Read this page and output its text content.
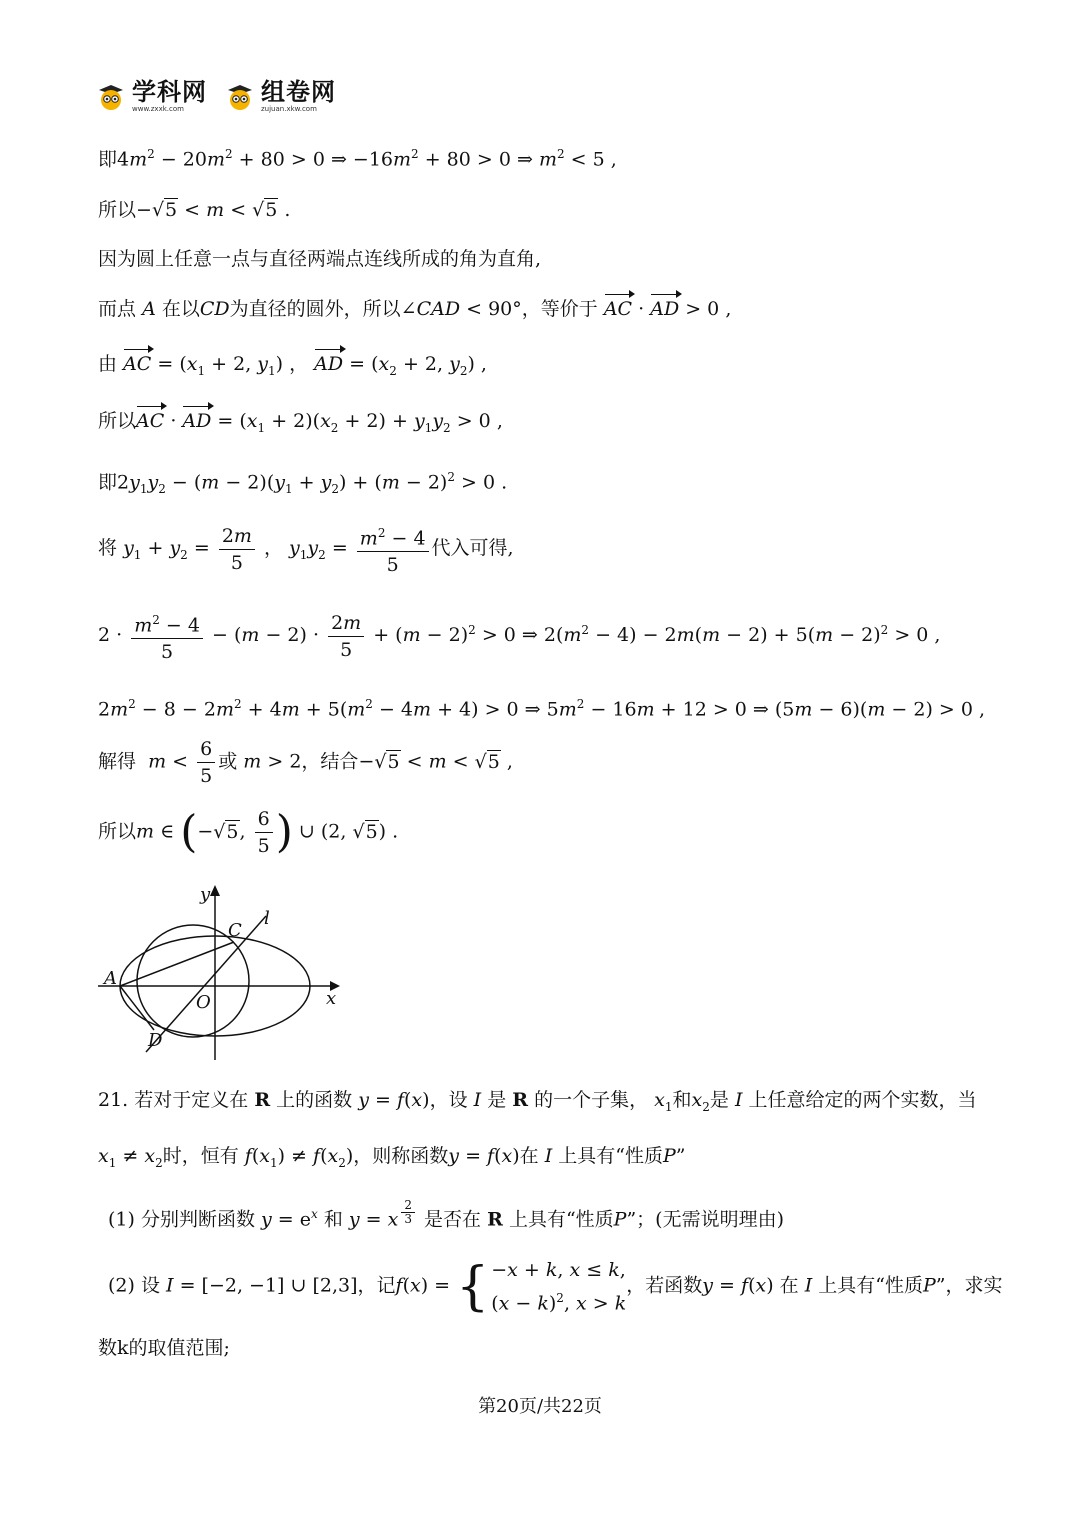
学科网
www.zxxk.com
组卷网
zujuan.xkw.com
即$4m^2 - 20m^2 + 80 > 0$ ⇒ $-16m^2 + 80 > 0$ ⇒ $m^2 < 5$ ,
所以−√5 < m < √5 .
因为圆上任意一点与直径两端点连线所成的角为直角,
而点 A 在以CD为直径的圆外，所以∠CAD < 90°，等价于 AC · AD > 0 ,
由 AC = ($x_1 + 2$, $y_1$) ， AD = ($x_2 + 2$, $y_2$) ,
所以AC · AD = $(x_1 + 2)(x_2 + 2) + y_1y_2 > 0$ ,
即$2y_1y_2 - (m - 2)(y_1 + y_2) + (m - 2)^2 > 0$ .
将 $y_1 + y_2 = \frac{2m}{5}$ ， $y_1y_2 = \frac{m^2 - 4}{5}$ 代入可得,
$2 \cdot \frac{m^2 - 4}{5} - (m - 2) \cdot \frac{2m}{5} + (m - 2)^2 > 0$ ⇒ $2(m^2 - 4) - 2m(m - 2) + 5(m - 2)^2 > 0$ ,
$2m^2 - 8 - 2m^2 + 4m + 5(m^2 - 4m + 4) > 0$ ⇒ $5m^2 - 16m + 12 > 0$ ⇒ (5m − 6)(m − 2) > 0 ,
解得 $m < \frac{6}{5}$ 或 m > 2，结合−√5 < m < √5 ,
所以m ∈ (−√5, $\frac{6}{5}$ ) ∪ (2, √5) .
y
x
O
A
C
D
l
21. 若对于定义在 R 上的函数 y = f(x)，设 I 是 R 的一个子集， $x_1$和$x_2$是 I 上任意给定的两个实数，当
$x_1 \ne x_2$时，恒有 $f(x_1) \ne f(x_2)$，则称函数y = f(x)在 I 上具有“性质P”
(1) 分别判断函数 $y = e^x$ 和 y = x $^{\frac{2}{3}}$ 是否在 R 上具有“性质P”；(无需说明理由)
(2) 设 I = [−2, −1] ∪ [2,3]，记f(x) = { −x + k, x ≤ k,
$(x - k)^2$, x > k
，若函数y = f(x) 在 I 上具有“性质P”，求实
数k的取值范围;
第20页/共22页
